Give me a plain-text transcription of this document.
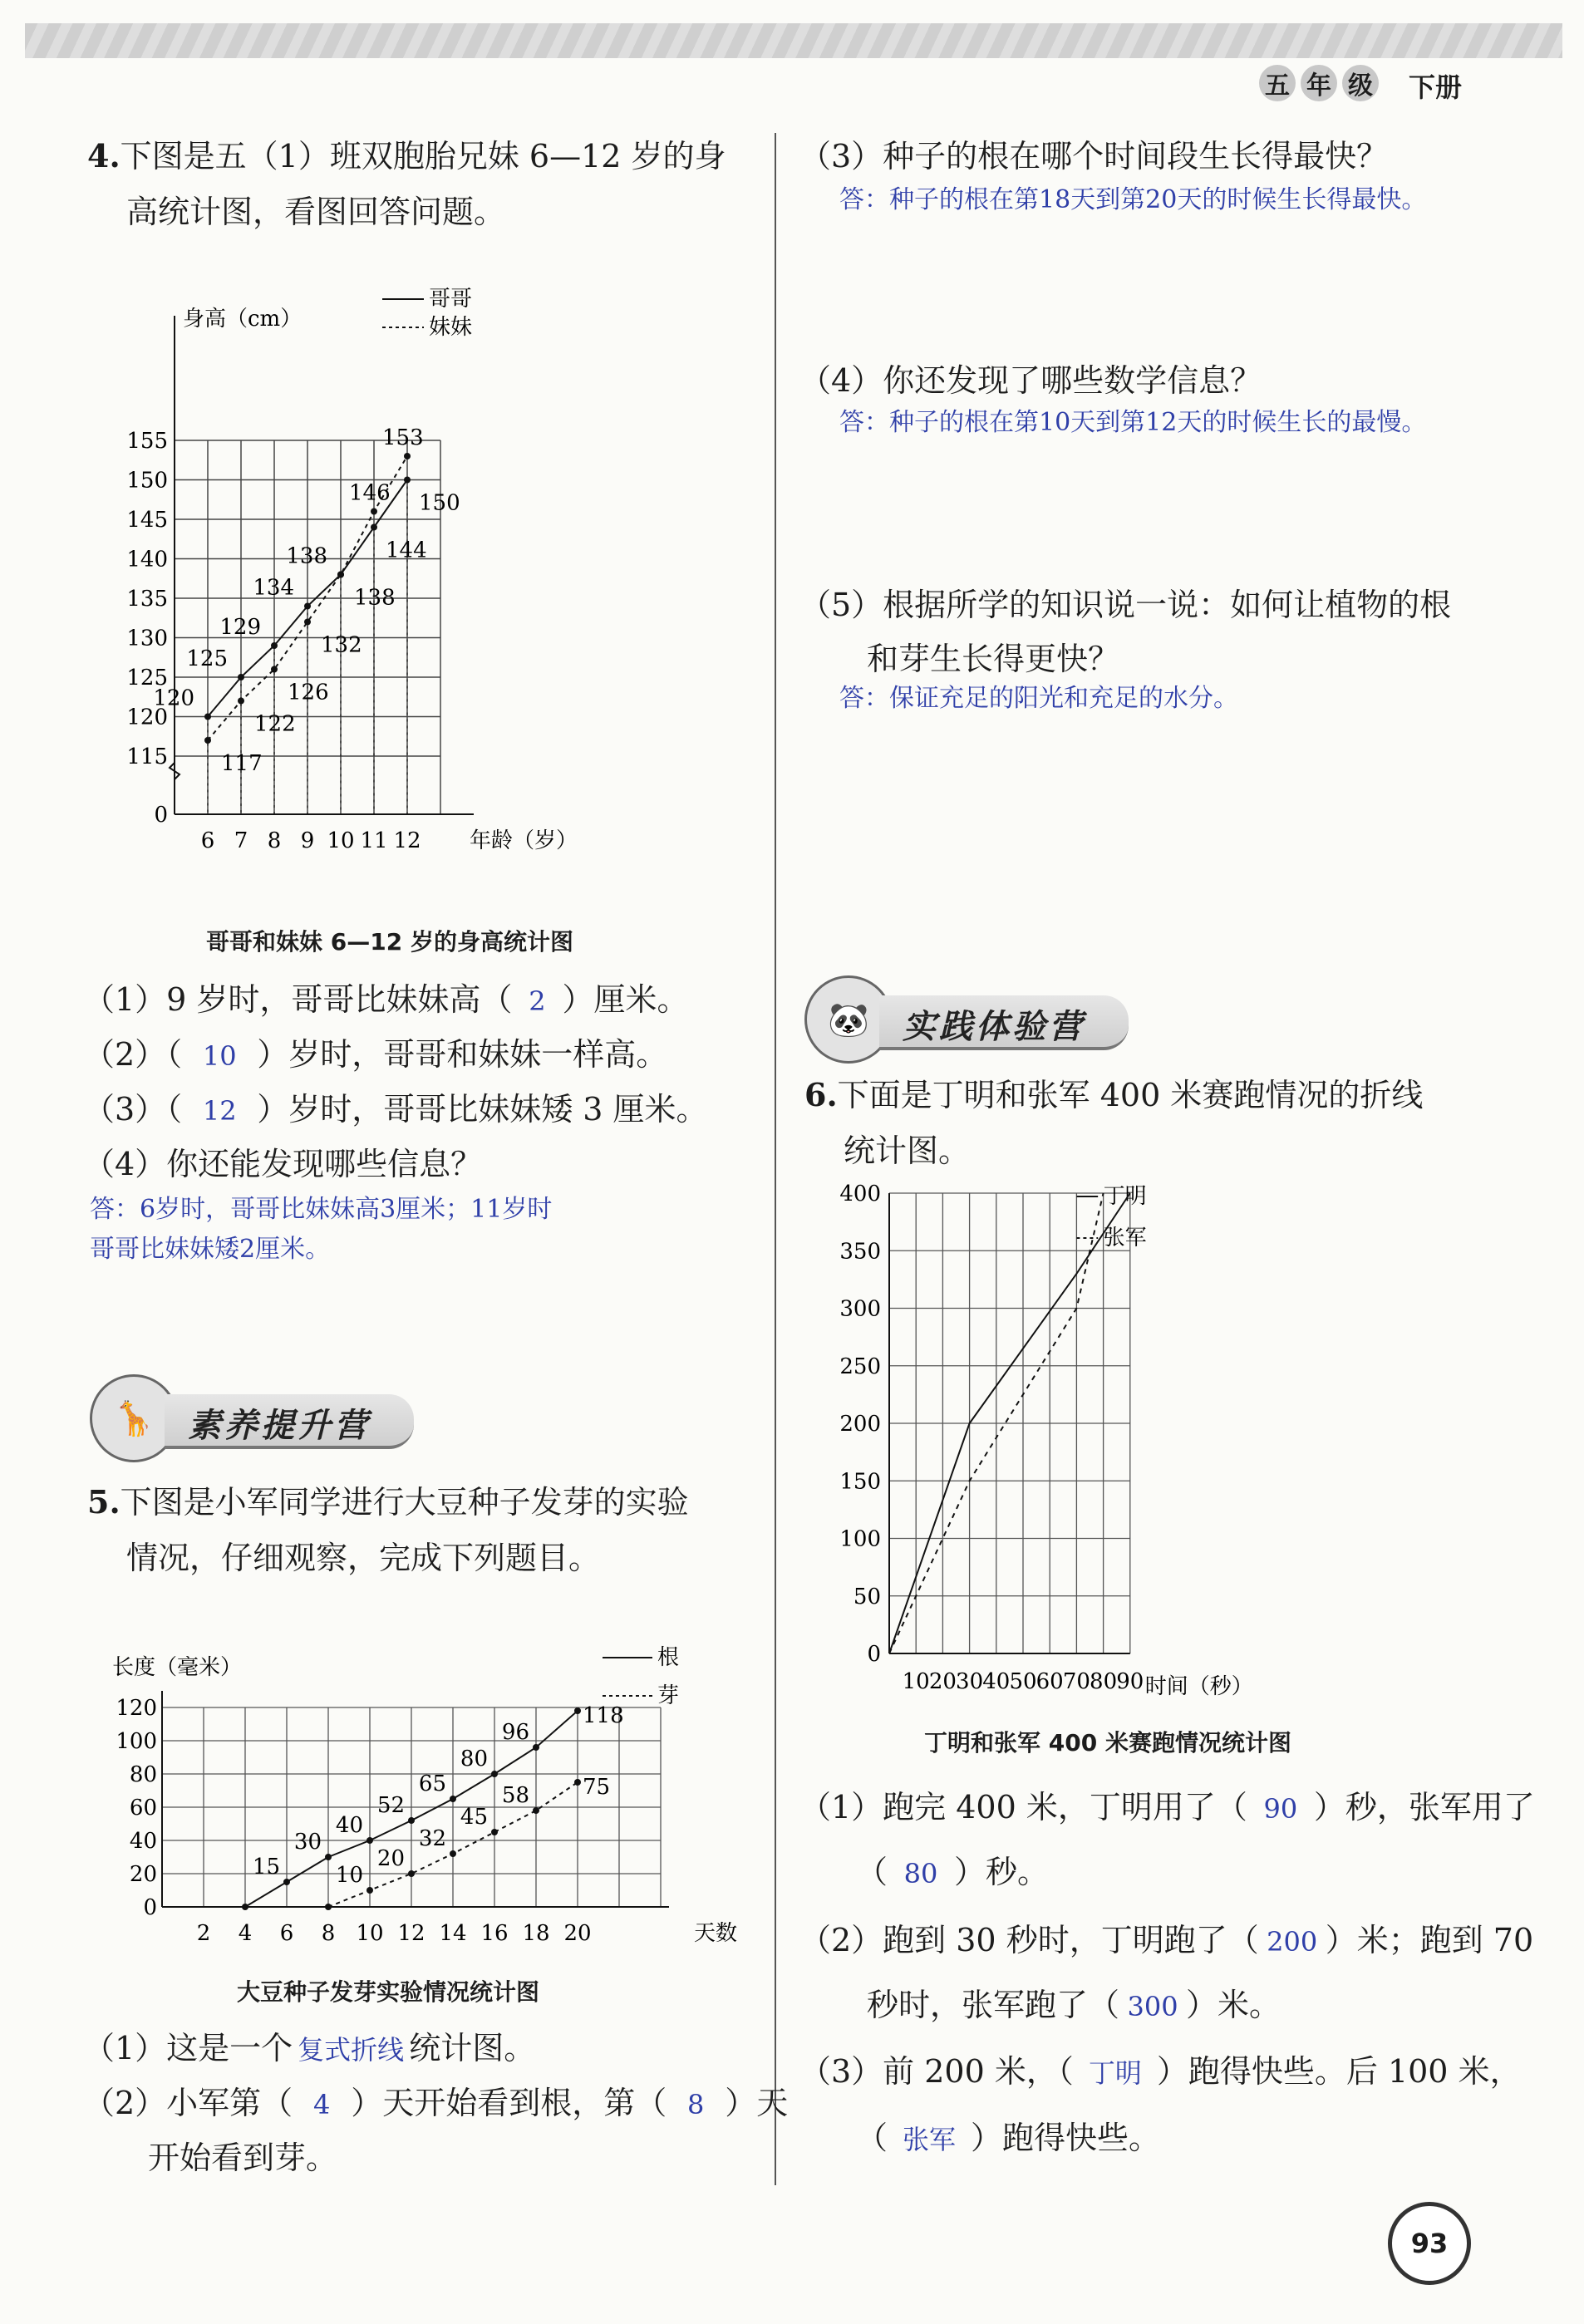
五 年 级 下册
4.下图是五（1）班双胞胎兄妹 6—12 岁的身
高统计图，看图回答问题。
0
115
120
125
130
135
140
145
150
155
6 7 8 9 10 11 12
身高（cm）
年龄（岁）
哥哥
妹妹
120
125
129
134
138	144
150
117
122
126
132
138
146
153
哥哥和妹妹 6—12 岁的身高统计图
（1）9 岁时，哥哥比妹妹高（ 2 ）厘米。
（2）（ 10 ）岁时，哥哥和妹妹一样高。
（3）（ 12 ）岁时，哥哥比妹妹矮 3 厘米。
（4）你还能发现哪些信息？
答：6岁时，哥哥比妹妹高3厘米；11岁时
哥哥比妹妹矮2厘米。
🦒	素养提升营
5.下图是小军同学进行大豆种子发芽的实验
情况，仔细观察，完成下列题目。
0
20
40
60
80
100
120
2 4 6 8 10 12 14 16 18 20
长度（毫米）
天数
根
芽
15
30
40
52
65
80
96
118
10
20
32
45
58 75
大豆种子发芽实验情况统计图
（1）这是一个 复式折线 统计图。
（2）小军第（ 4 ）天开始看到根，第（ 8 ）天
开始看到芽。
（3）种子的根在哪个时间段生长得最快？
答：种子的根在第18天到第20天的时候生长得最快。
（4）你还发现了哪些数学信息？
答：种子的根在第10天到第12天的时候生长的最慢。
（5）根据所学的知识说一说：如何让植物的根
和芽生长得更快？
答：保证充足的阳光和充足的水分。
🐼	实践体验营
6.下面是丁明和张军 400 米赛跑情况的折线
统计图。
0
50
100
150
200
250
300
350
400
10 20 30 40 50 60 70 80 90 时间（秒）
丁明
张军
丁明和张军 400 米赛跑情况统计图
（1）跑完 400 米，丁明用了（ 90 ）秒，张军用了
（ 80 ）秒。
（2）跑到 30 秒时，丁明跑了（ 200 ）米；跑到 70
秒时，张军跑了（ 300 ）米。
（3）前 200 米，（ 丁明 ）跑得快些。后 100 米，
（ 张军 ）跑得快些。
93
